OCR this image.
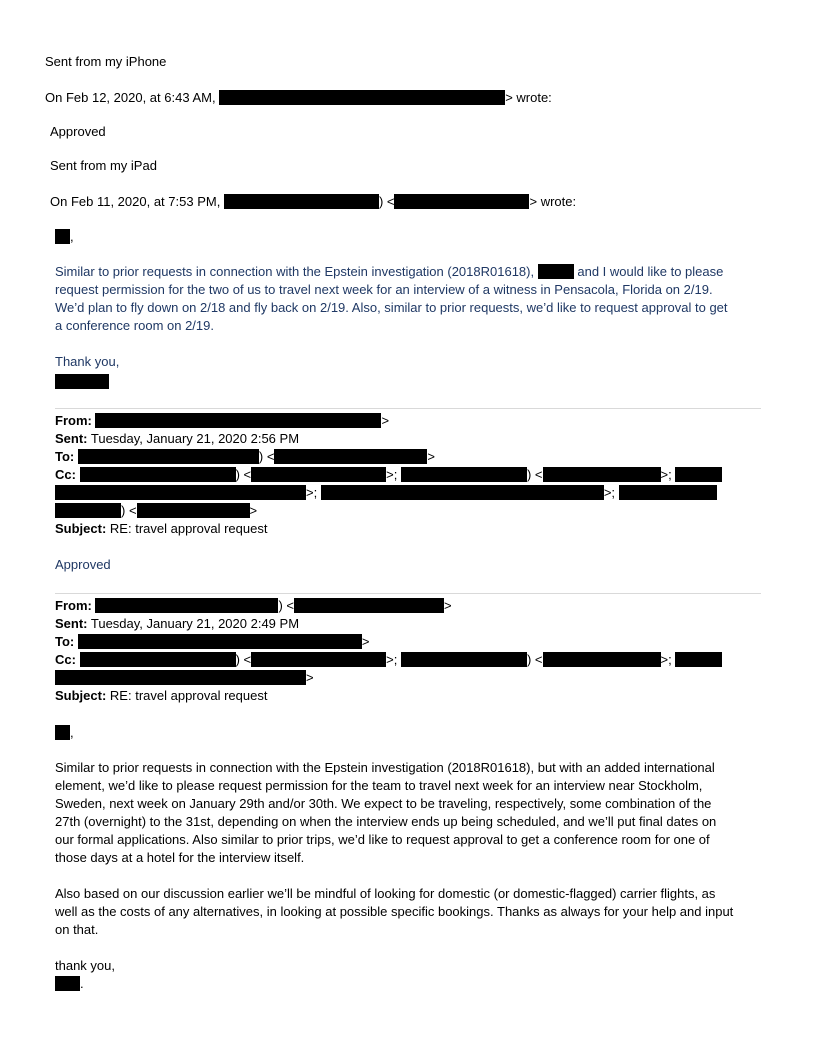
Sent from my iPhone
On Feb 12, 2020, at 6:43 AM,	> wrote:
Approved
Sent from my iPad
On Feb 11, 2020, at 7:53 PM,	) <	> wrote:
,
Similar to prior requests in connection with the Epstein investigation (2018R01618),	and I would like to please
request permission for the two of us to travel next week for an interview of a witness in Pensacola, Florida on 2/19.
We’d plan to fly down on 2/18 and fly back on 2/19. Also, similar to prior requests, we’d like to request approval to get
a conference room on 2/19.
Thank you,
From:	>
Sent: Tuesday, January 21, 2020 2:56 PM
To:	) <	>
Cc:	) <	>;	) <	>;
>;	>;
) <	>
Subject: RE: travel approval request
Approved
From:	) <	>
Sent: Tuesday, January 21, 2020 2:49 PM
To:	>
Cc:	) <	>;	) <	>;
>
Subject: RE: travel approval request
,
Similar to prior requests in connection with the Epstein investigation (2018R01618), but with an added international
element, we’d like to please request permission for the team to travel next week for an interview near Stockholm,
Sweden, next week on January 29th and/or 30th. We expect to be traveling, respectively, some combination of the
27th (overnight) to the 31st, depending on when the interview ends up being scheduled, and we’ll put final dates on
our formal applications. Also similar to prior trips, we’d like to request approval to get a conference room for one of
those days at a hotel for the interview itself.
Also based on our discussion earlier we’ll be mindful of looking for domestic (or domestic-flagged) carrier flights, as
well as the costs of any alternatives, in looking at possible specific bookings. Thanks as always for your help and input
on that.
thank you,
.
